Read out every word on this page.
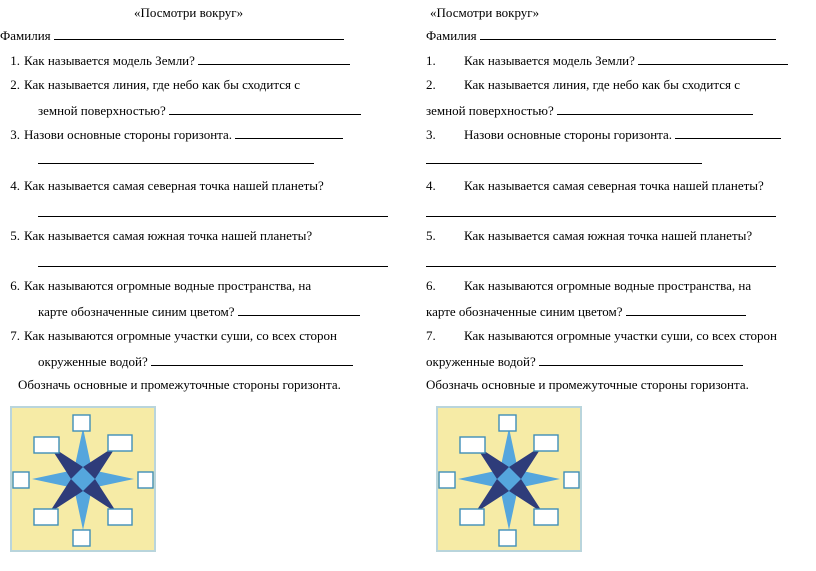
«Посмотри вокруг»
Фамилия
1. Как называется модель Земли?
2. Как называется линия, где небо как бы сходится с
земной поверхностью?
3. Назови основные стороны горизонта.
4. Как называется самая северная точка нашей планеты?
5. Как называется самая южная точка нашей планеты?
6. Как называются огромные водные пространства, на
карте обозначенные синим цветом?
7. Как называются огромные участки суши, со всех сторон
окруженные водой?
Обозначь основные и промежуточные стороны горизонта.
«Посмотри вокруг»
Фамилия
1. Как называется модель Земли?
2. Как называется линия, где небо как бы сходится с
земной поверхностью?
3. Назови основные стороны горизонта.
4. Как называется самая северная точка нашей планеты?
5. Как называется самая южная точка нашей планеты?
6. Как называются огромные водные пространства, на
карте обозначенные синим цветом?
7. Как называются огромные участки суши, со всех сторон
окруженные водой?
Обозначь основные и промежуточные стороны горизонта.
